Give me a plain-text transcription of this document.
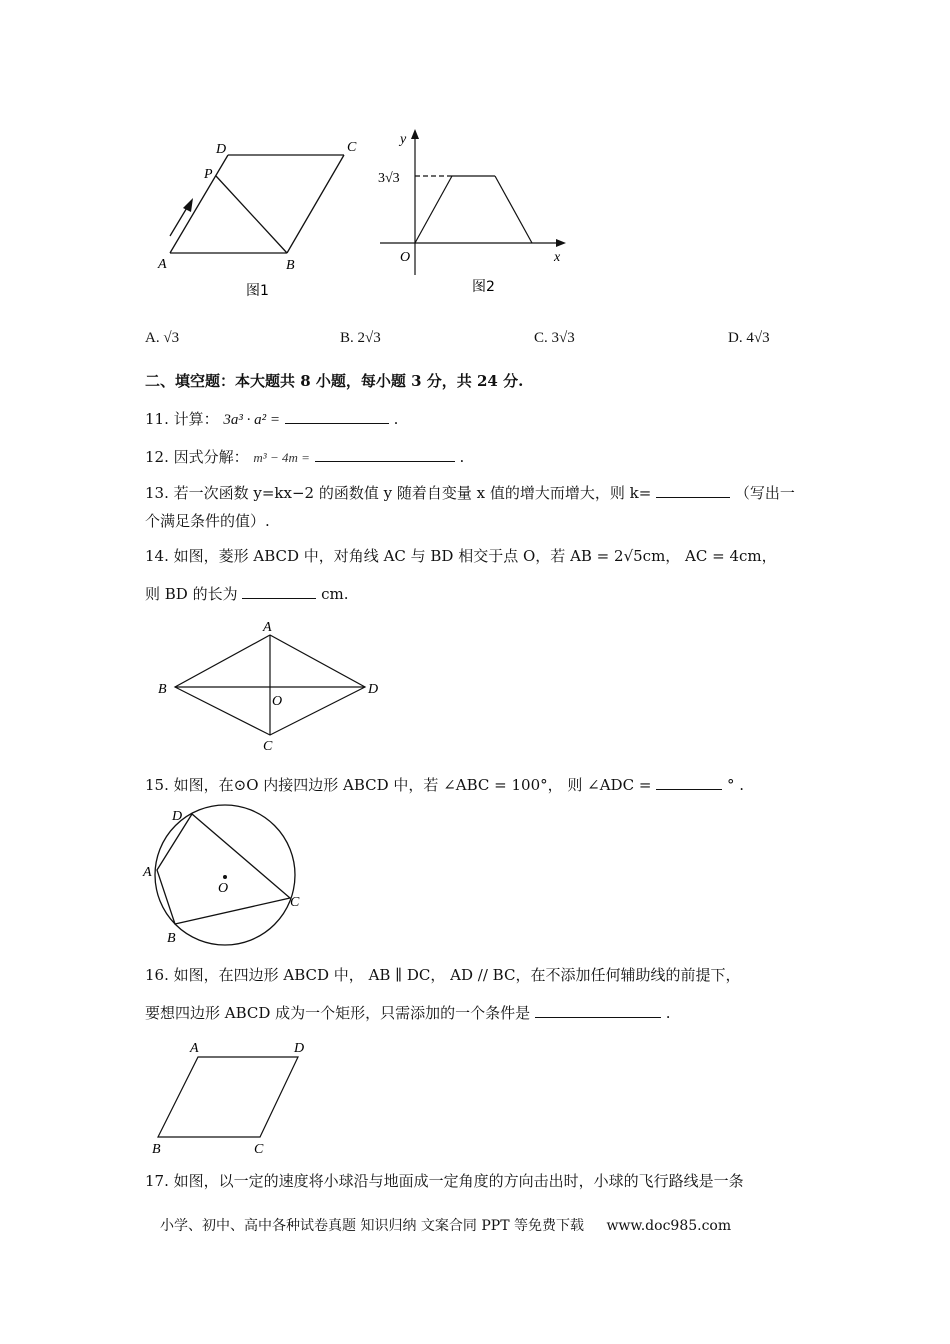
A	B
C
D
P
图1
y
x
O
3√3
图2
A. √3	B. 2√3	C. 3√3	D. 4√3
二、填空题：本大题共 8 小题，每小题 3 分，共 24 分.
11. 计算： 3a³ · a² =	.
12. 因式分解： m³ − 4m =	.
13. 若一次函数 y=kx−2 的函数值 y 随着自变量 x 值的增大而增大，则 k=	（写出一
个满足条件的值）.
14. 如图，菱形 ABCD 中，对角线 AC 与 BD 相交于点 O，若 AB = 2√5cm， AC = 4cm，
则 BD 的长为	cm.
A
B
C
D
O
15. 如图，在⊙O 内接四边形 ABCD 中，若 ∠ABC = 100°， 则 ∠ADC =	° .
A
B
C
D
O
16. 如图，在四边形 ABCD 中， AB ∥ DC， AD // BC，在不添加任何辅助线的前提下，
要想四边形 ABCD 成为一个矩形，只需添加的一个条件是	.
A
B	C
D
17. 如图，以一定的速度将小球沿与地面成一定角度的方向击出时，小球的飞行路线是一条
小学、初中、高中各种试卷真题 知识归纳 文案合同 PPT 等免费下载 www.doc985.com
